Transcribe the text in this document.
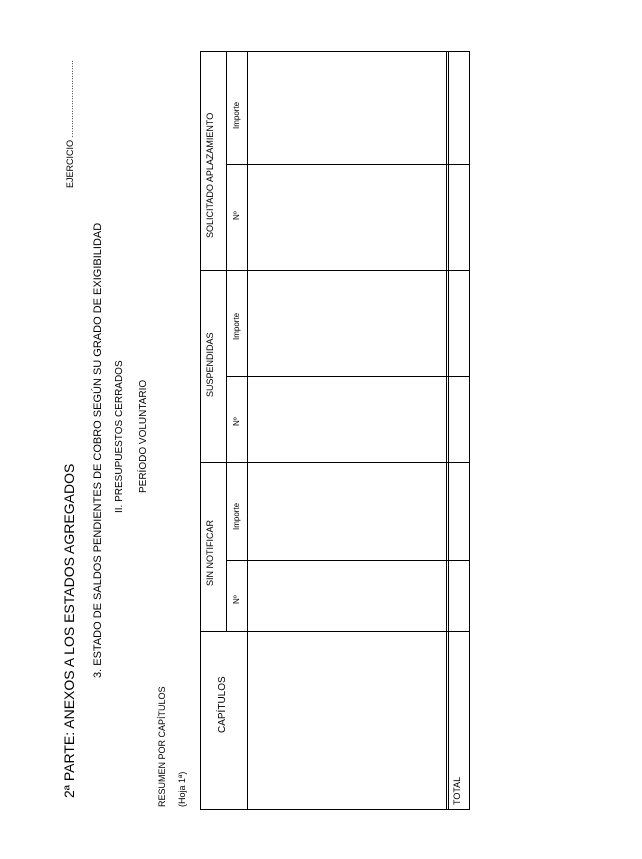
2ª PARTE: ANEXOS A LOS ESTADOS AGREGADOS
EJERCICIO ...............................
3. ESTADO DE SALDOS PENDIENTES DE COBRO SEGÚN SU GRADO DE EXIGIBILIDAD II. PRESUPUESTOS CERRADOS PERÍODO VOLUNTARIO
RESUMEN POR CAPÍTULOS (Hoja 1ª)
CAPÍTULOS
SIN NOTIFICAR
SUSPENDIDAS
SOLICITADO APLAZAMIENTO
Nº
Importe
Nº
Importe
Nº
Importe
TOTAL
